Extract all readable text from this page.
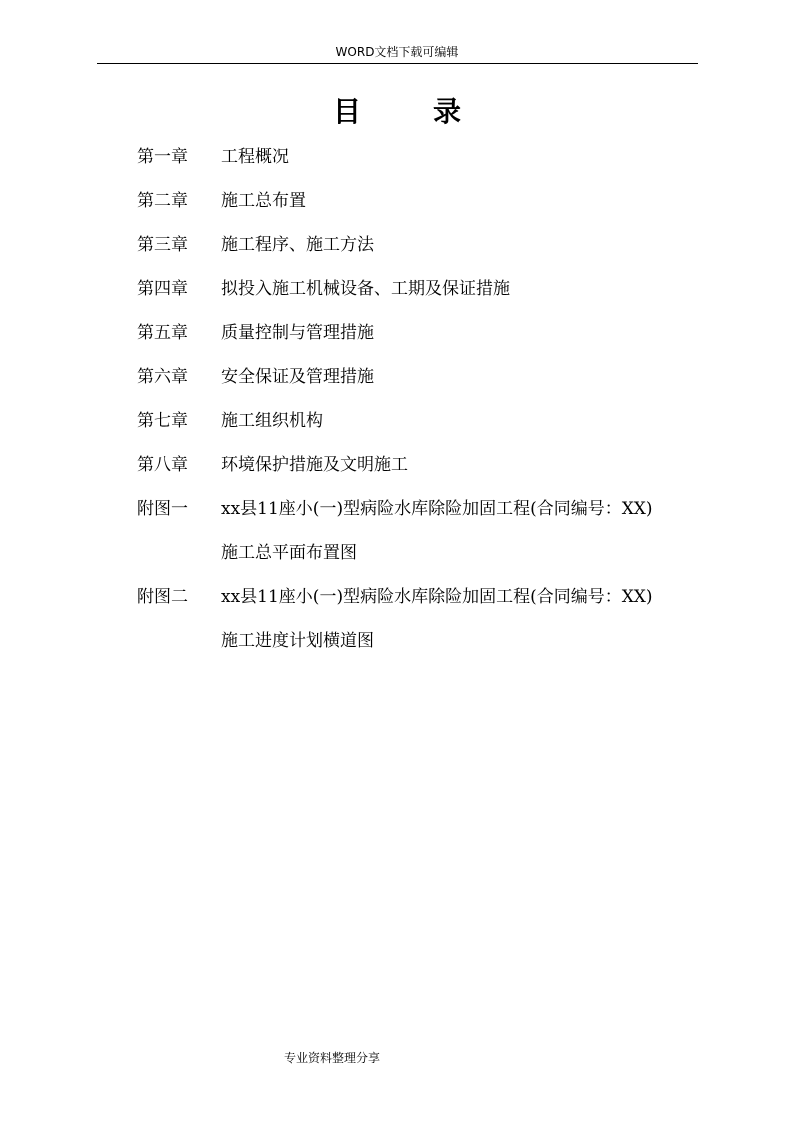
WORD文档下载可编辑
目	录
第一章	工程概况
第二章	施工总布置
第三章	施工程序、施工方法
第四章	拟投入施工机械设备、工期及保证措施
第五章	质量控制与管理措施
第六章	安全保证及管理措施
第七章	施工组织机构
第八章	环境保护措施及文明施工
附图一	xx县11座小(一)型病险水库除险加固工程(合同编号：XX)
施工总平面布置图
附图二	xx县11座小(一)型病险水库除险加固工程(合同编号：XX)
施工进度计划横道图
专业资料整理分享
